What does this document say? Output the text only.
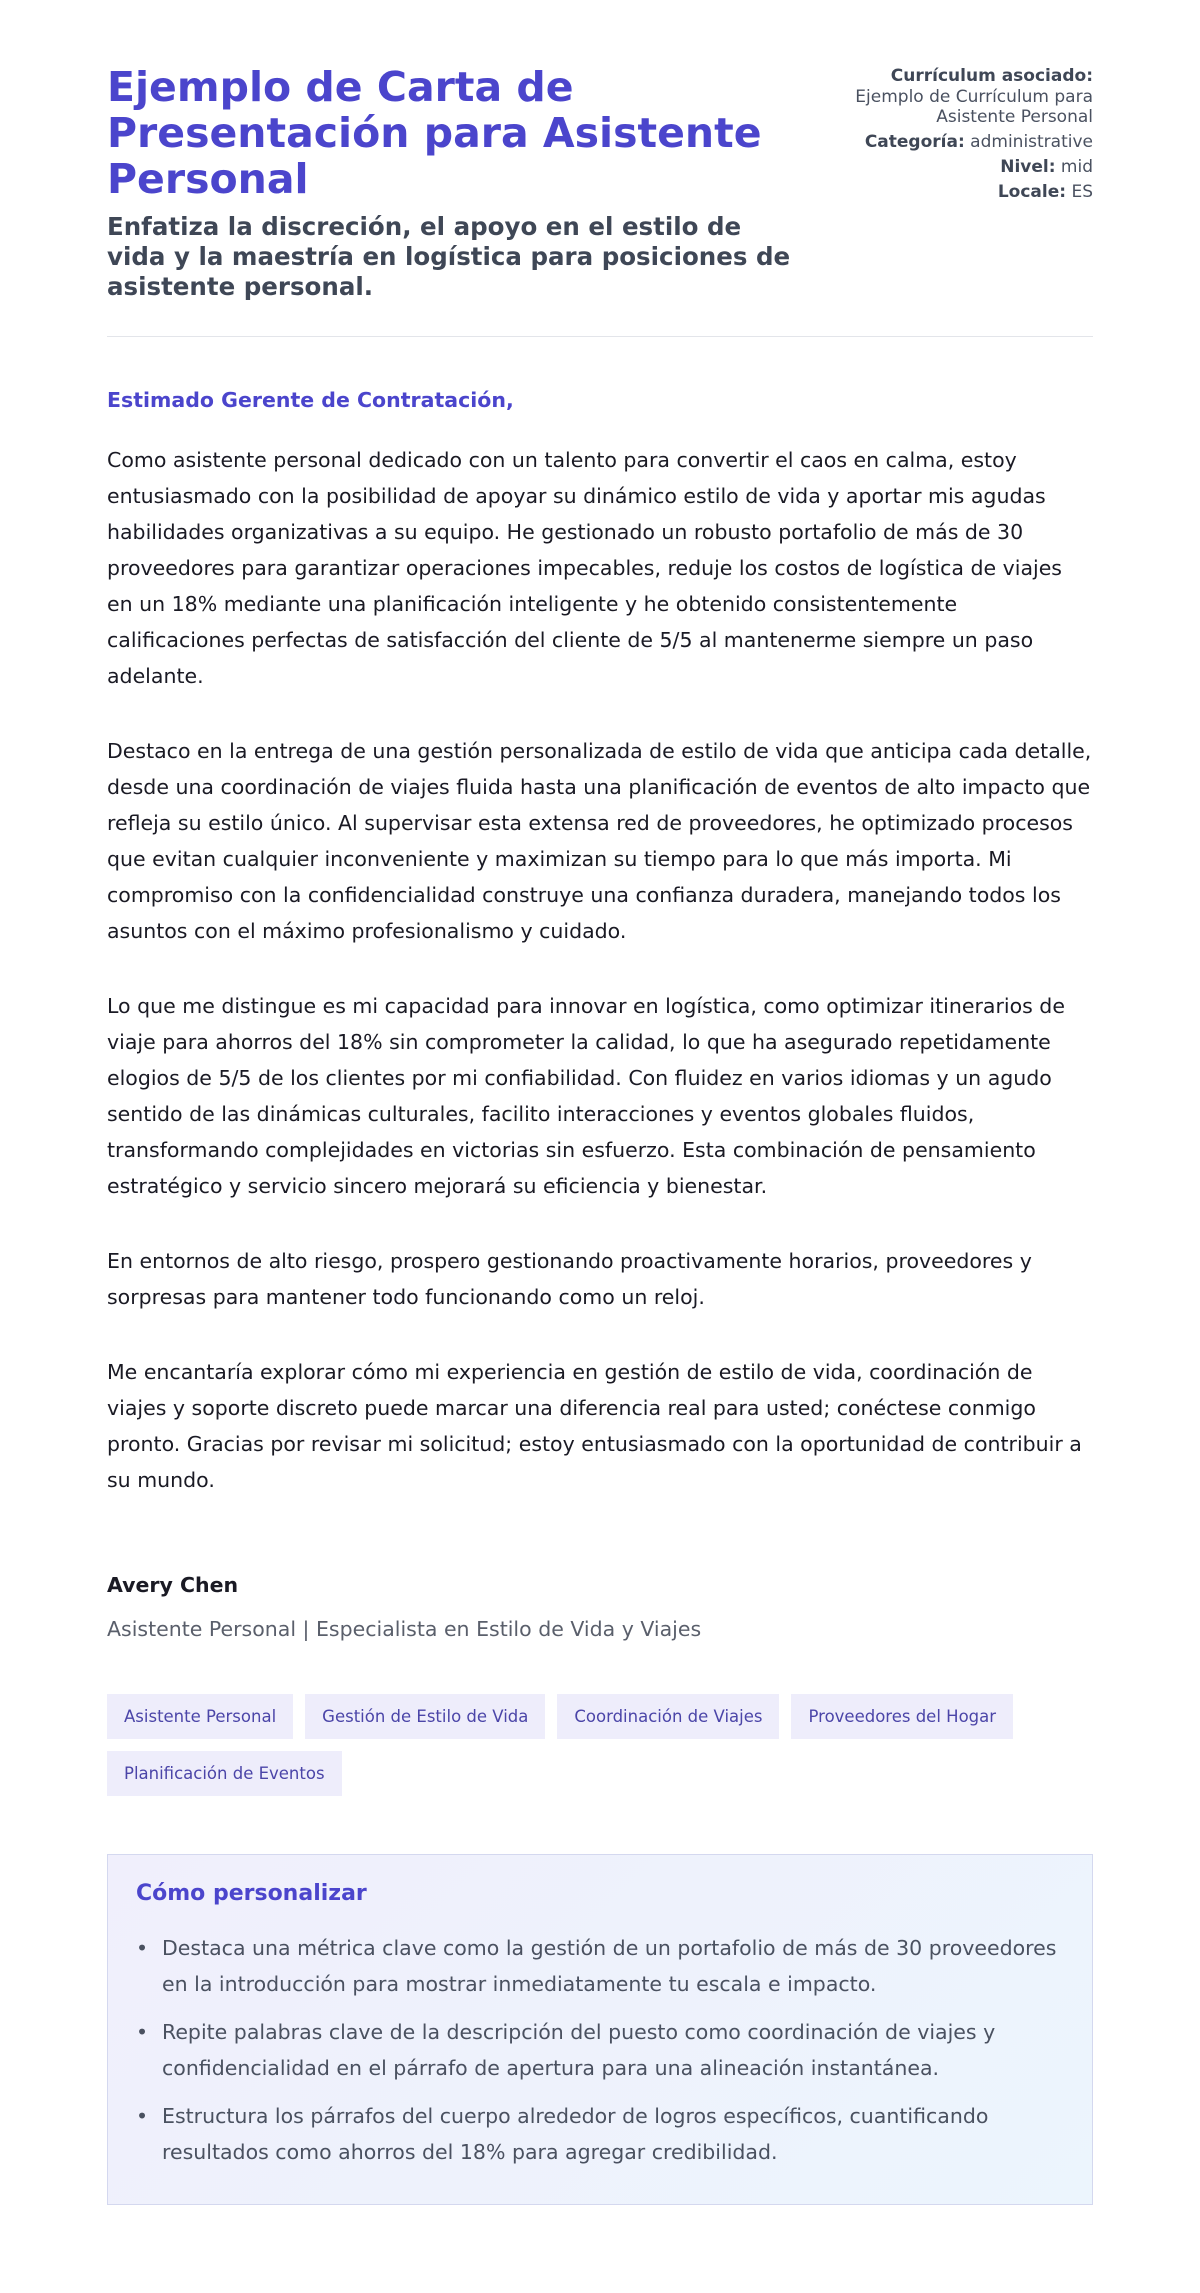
Ejemplo de Carta de Presentación para Asistente Personal
Enfatiza la discreción, el apoyo en el estilo de vida y la maestría en logística para posiciones de asistente personal.
Currículum asociado:
Ejemplo de Currículum para Asistente Personal
Categoría: administrative
Nivel: mid
Locale: ES
Estimado Gerente de Contratación,

Como asistente personal dedicado con un talento para convertir el caos en calma, estoy entusiasmado con la posibilidad de apoyar su dinámico estilo de vida y aportar mis agudas habilidades organizativas a su equipo. He gestionado un robusto portafolio de más de 30 proveedores para garantizar operaciones impecables, reduje los costos de logística de viajes en un 18% mediante una planificación inteligente y he obtenido consistentemente calificaciones perfectas de satisfacción del cliente de 5/5 al mantenerme siempre un paso adelante.

Destaco en la entrega de una gestión personalizada de estilo de vida que anticipa cada detalle, desde una coordinación de viajes fluida hasta una planificación de eventos de alto impacto que refleja su estilo único. Al supervisar esta extensa red de proveedores, he optimizado procesos que evitan cualquier inconveniente y maximizan su tiempo para lo que más importa. Mi compromiso con la confidencialidad construye una confianza duradera, manejando todos los asuntos con el máximo profesionalismo y cuidado.

Lo que me distingue es mi capacidad para innovar en logística, como optimizar itinerarios de viaje para ahorros del 18% sin comprometer la calidad, lo que ha asegurado repetidamente elogios de 5/5 de los clientes por mi confiabilidad. Con fluidez en varios idiomas y un agudo sentido de las dinámicas culturales, facilito interacciones y eventos globales fluidos, transformando complejidades en victorias sin esfuerzo. Esta combinación de pensamiento estratégico y servicio sincero mejorará su eficiencia y bienestar.

En entornos de alto riesgo, prospero gestionando proactivamente horarios, proveedores y sorpresas para mantener todo funcionando como un reloj.

Me encantaría explorar cómo mi experiencia en gestión de estilo de vida, coordinación de viajes y soporte discreto puede marcar una diferencia real para usted; conéctese conmigo pronto. Gracias por revisar mi solicitud; estoy entusiasmado con la oportunidad de contribuir a su mundo.

Avery Chen
Asistente Personal | Especialista en Estilo de Vida y Viajes
Asistente Personal	Gestión de Estilo de Vida	Coordinación de Viajes	Proveedores del Hogar
Planificación de Eventos
Cómo personalizar
• Destaca una métrica clave como la gestión de un portafolio de más de 30 proveedores en la introducción para mostrar inmediatamente tu escala e impacto.
• Repite palabras clave de la descripción del puesto como coordinación de viajes y confidencialidad en el párrafo de apertura para una alineación instantánea.
• Estructura los párrafos del cuerpo alrededor de logros específicos, cuantificando resultados como ahorros del 18% para agregar credibilidad.
